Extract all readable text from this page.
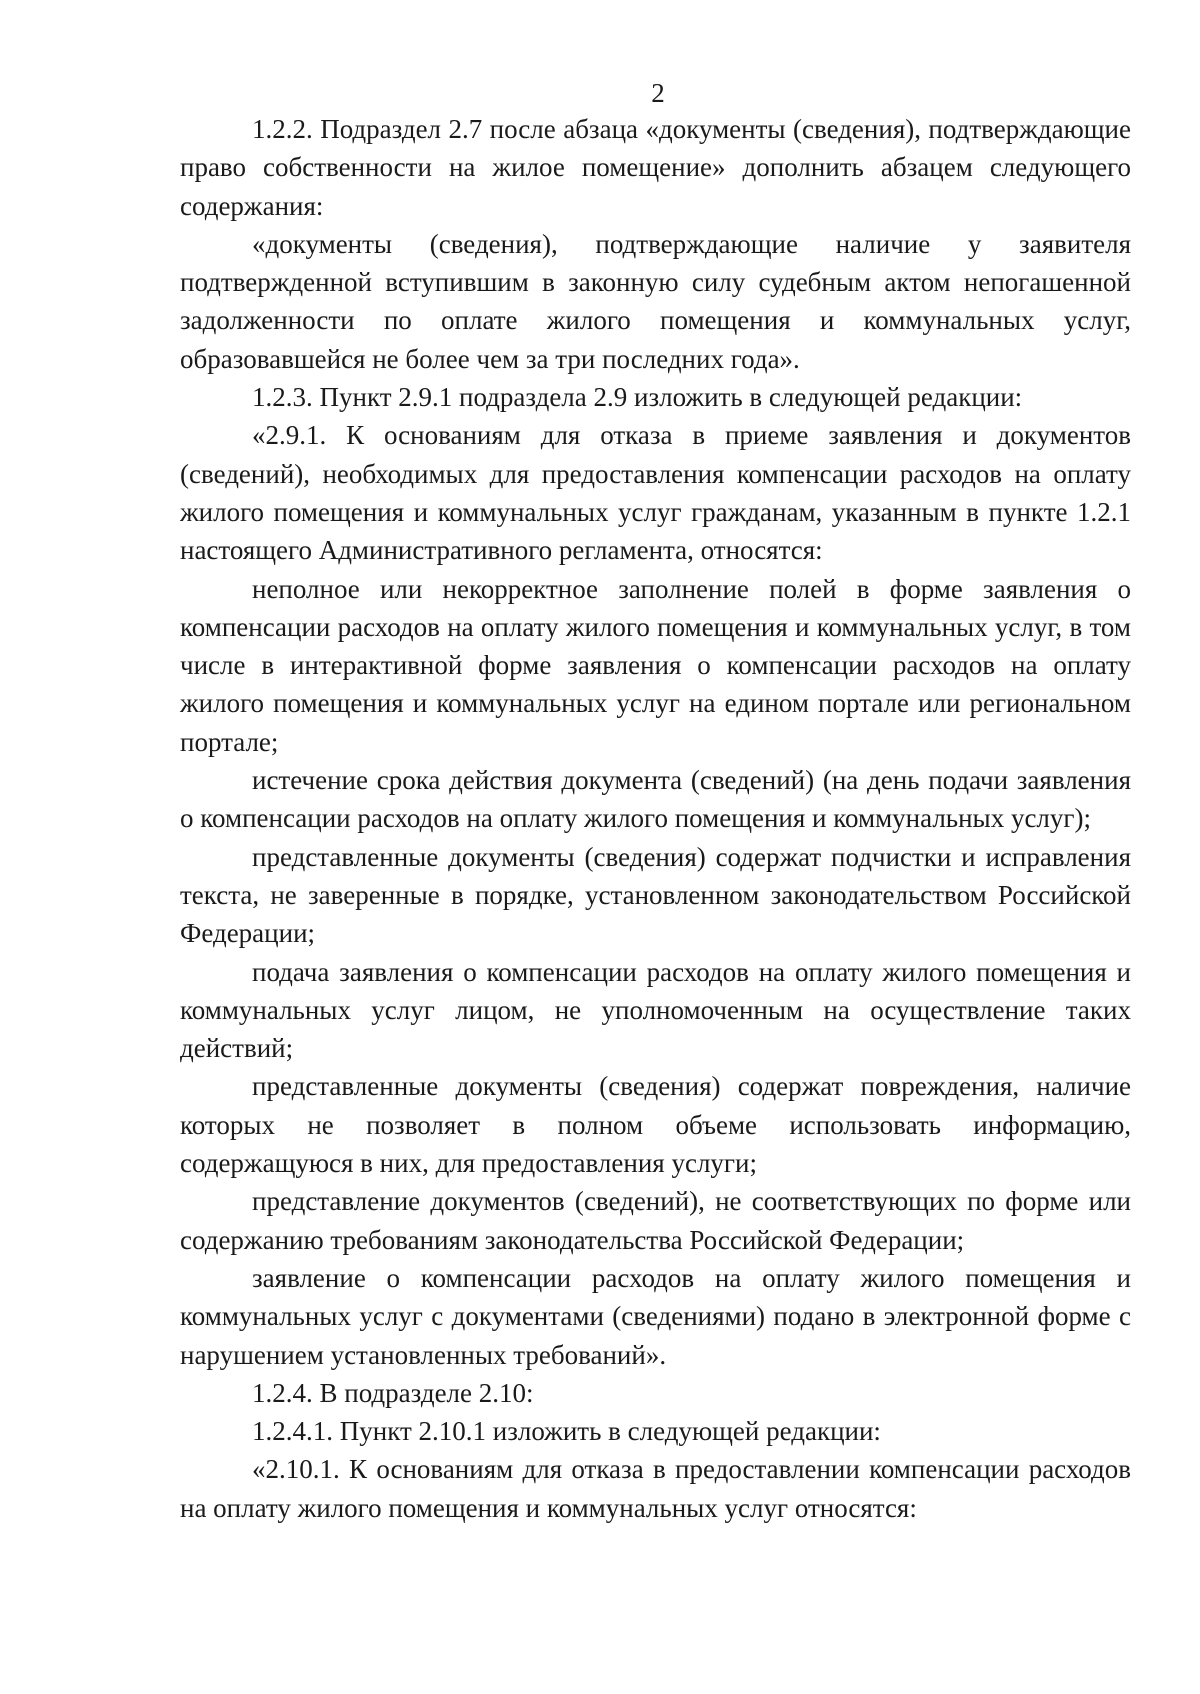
2

1.2.2. Подраздел 2.7 после абзаца «документы (сведения), подтверждающие право собственности на жилое помещение» дополнить абзацем следующего содержания:

«документы (сведения), подтверждающие наличие у заявителя подтвержденной вступившим в законную силу судебным актом непогашенной задолженности по оплате жилого помещения и коммунальных услуг, образовавшейся не более чем за три последних года».

1.2.3. Пункт 2.9.1 подраздела 2.9 изложить в следующей редакции:

«2.9.1. К основаниям для отказа в приеме заявления и документов (сведений), необходимых для предоставления компенсации расходов на оплату жилого помещения и коммунальных услуг гражданам, указанным в пункте 1.2.1 настоящего Административного регламента, относятся:

неполное или некорректное заполнение полей в форме заявления о компенсации расходов на оплату жилого помещения и коммунальных услуг, в том числе в интерактивной форме заявления о компенсации расходов на оплату жилого помещения и коммунальных услуг на едином портале или региональном портале;

истечение срока действия документа (сведений) (на день подачи заявления о компенсации расходов на оплату жилого помещения и коммунальных услуг);

представленные документы (сведения) содержат подчистки и исправления текста, не заверенные в порядке, установленном законодательством Российской Федерации;

подача заявления о компенсации расходов на оплату жилого помещения и коммунальных услуг лицом, не уполномоченным на осуществление таких действий;

представленные документы (сведения) содержат повреждения, наличие которых не позволяет в полном объеме использовать информацию, содержащуюся в них, для предоставления услуги;

представление документов (сведений), не соответствующих по форме или содержанию требованиям законодательства Российской Федерации;

заявление о компенсации расходов на оплату жилого помещения и коммунальных услуг с документами (сведениями) подано в электронной форме с нарушением установленных требований».

1.2.4. В подразделе 2.10:

1.2.4.1. Пункт 2.10.1 изложить в следующей редакции:

«2.10.1. К основаниям для отказа в предоставлении компенсации расходов на оплату жилого помещения и коммунальных услуг относятся:
